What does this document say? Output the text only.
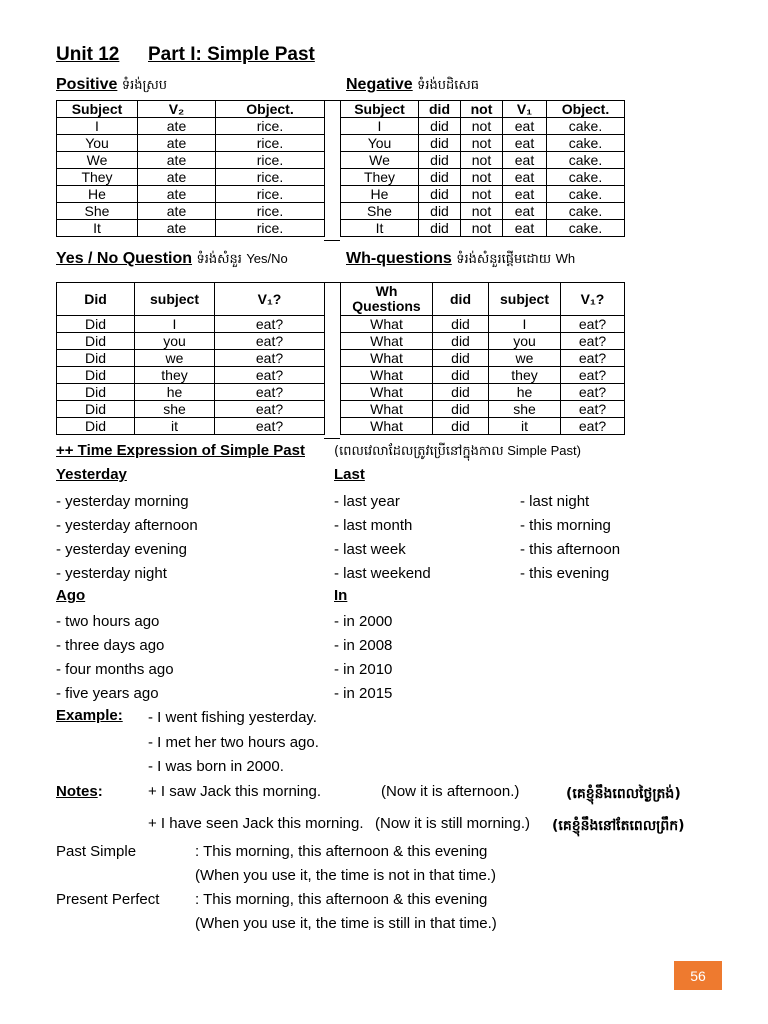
Unit 12 Part I: Simple Past
Positive ទំរង់ស្រប	Negative ទំរង់បដិសេធ
Subject	V₂	Object.
I	ate	rice.
You	ate	rice.
We	ate	rice.
They	ate	rice.
He	ate	rice.
She	ate	rice.
It	ate	rice.
Subject	did	not	V₁	Object.
I	did	not	eat	cake.
You	did	not	eat	cake.
We	did	not	eat	cake.
They	did	not	eat	cake.
He	did	not	eat	cake.
She	did	not	eat	cake.
It	did	not	eat	cake.
Yes / No Question ទំរង់សំនួរ Yes/No	Wh-questions ទំរង់សំនួរផ្តើមដោយ Wh
Did	subject	V₁?
Did	I	eat?
Did	you	eat?
Did	we	eat?
Did	they	eat?
Did	he	eat?
Did	she	eat?
Did	it	eat?
Wh Questions	did	subject	V₁?
What	did	I	eat?
What	did	you	eat?
What	did	we	eat?
What	did	they	eat?
What	did	he	eat?
What	did	she	eat?
What	did	it	eat?
++ Time Expression of Simple Past (ពេលវេលាដែលត្រូវប្រើនៅក្នុងកាល Simple Past)
Yesterday	Last
- yesterday morning
- yesterday afternoon
- yesterday evening
- yesterday night
- last year
- last month
- last week
- last weekend
- last night
- this morning
- this afternoon
- this evening
Ago	In
- two hours ago
- three days ago
- four months ago
- five years ago
- in 2000
- in 2008
- in 2010
- in 2015
Example: - I went fishing yesterday.
- I met her two hours ago.
- I was born in 2000.
Notes:	+ I saw Jack this morning.	(Now it is afternoon.)	(គេខ្ញុំនឹងពេលថ្ងៃត្រង់)
+ I have seen Jack this morning. (Now it is still morning.) (គេខ្ញុំនឹងនៅតែពេលព្រឹក)
Past Simple	: This morning, this afternoon & this evening
(When you use it, the time is not in that time.)
Present Perfect : This morning, this afternoon & this evening
(When you use it, the time is still in that time.)
56
